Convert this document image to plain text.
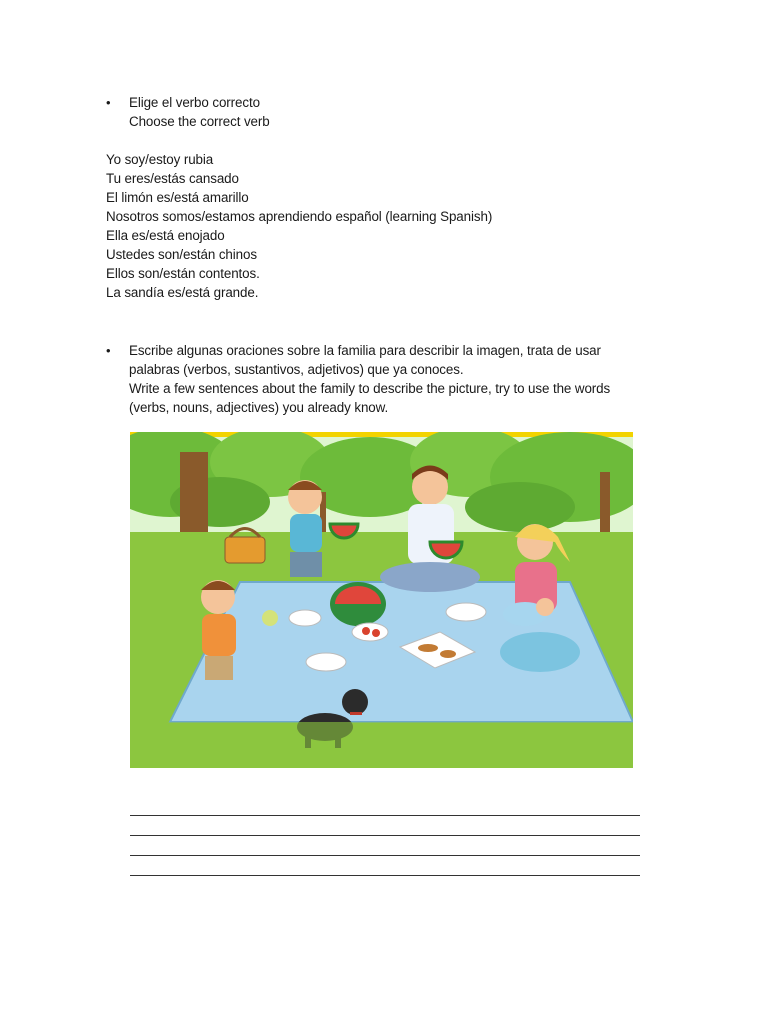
• Elige el verbo correcto
Choose the correct verb
Yo soy/estoy rubia
Tu eres/estás cansado
El limón es/está amarillo
Nosotros somos/estamos aprendiendo español (learning Spanish)
Ella es/está enojado
Ustedes son/están chinos
Ellos son/están contentos.
La sandía es/está grande.
• Escribe algunas oraciones sobre la familia para describir la imagen, trata de usar palabras (verbos, sustantivos, adjetivos) que ya conoces.
Write a few sentences about the family to describe the picture, try to use the words (verbs, nouns, adjectives) you already know.
